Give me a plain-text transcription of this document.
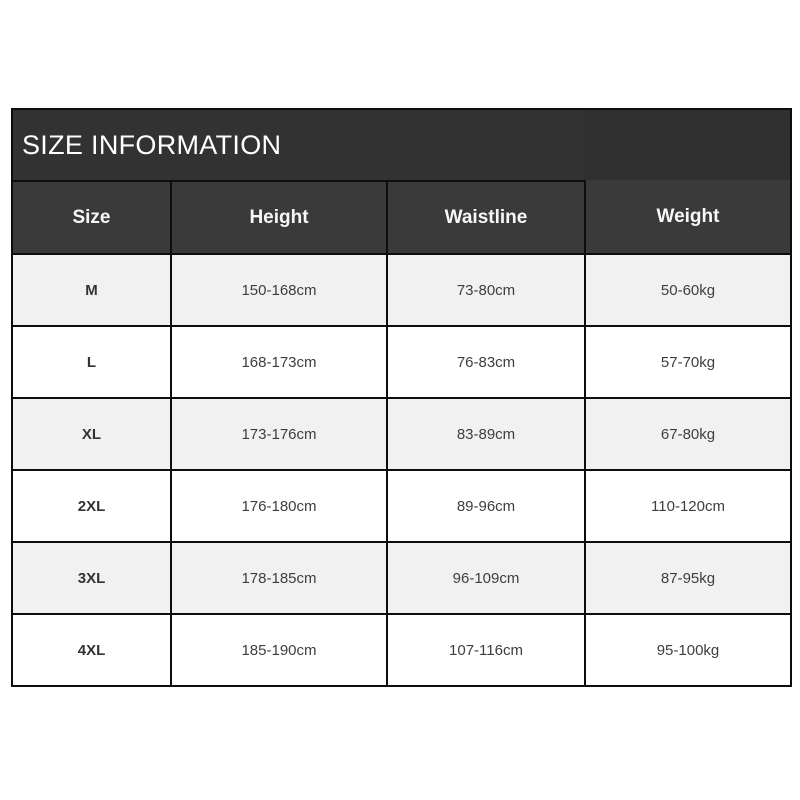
SIZE INFORMATION
Size	Height	Waistline	Weight
M	150-168cm	73-80cm	50-60kg
L	168-173cm	76-83cm	57-70kg
XL	173-176cm	83-89cm	67-80kg
2XL	176-180cm	89-96cm	110-120cm
3XL	178-185cm	96-109cm	87-95kg
4XL	185-190cm	107-116cm	95-100kg
